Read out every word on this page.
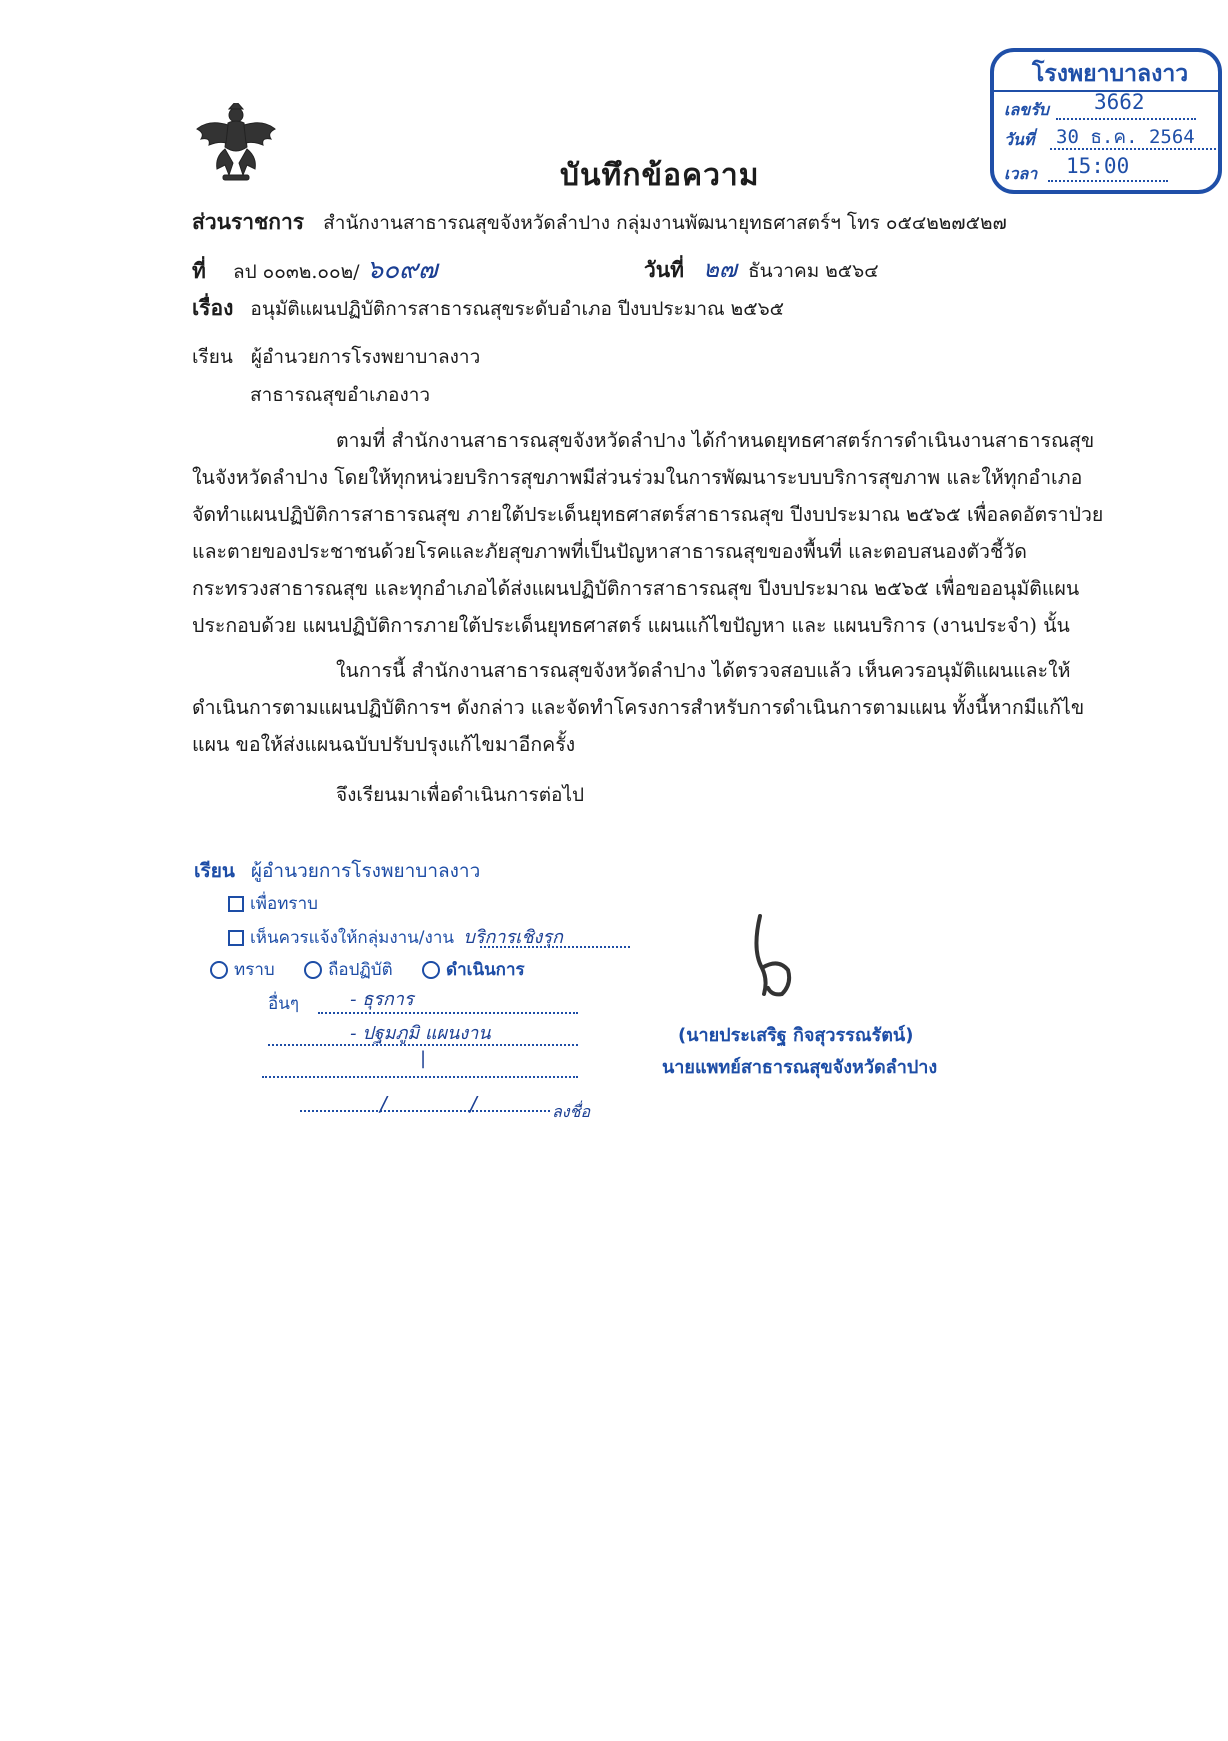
โรงพยาบาลงาว
เลขรับ 3662
วันที่ 30 ธ.ค. 2564
เวลา 15:00
บันทึกข้อความ
ส่วนราชการ สำนักงานสาธารณสุขจังหวัดลำปาง กลุ่มงานพัฒนายุทธศาสตร์ฯ โทร ๐๕๔๒๒๗๕๒๗
ที่ ลป ๐๐๓๒.๐๐๒/ ๖๐๙๗	วันที่ ๒๗ ธันวาคม ๒๕๖๔
เรื่อง อนุมัติแผนปฏิบัติการสาธารณสุขระดับอำเภอ ปีงบประมาณ ๒๕๖๕
เรียน ผู้อำนวยการโรงพยาบาลงาว
สาธารณสุขอำเภองาว
ตามที่ สำนักงานสาธารณสุขจังหวัดลำปาง ได้กำหนดยุทธศาสตร์การดำเนินงานสาธารณสุข
ในจังหวัดลำปาง โดยให้ทุกหน่วยบริการสุขภาพมีส่วนร่วมในการพัฒนาระบบบริการสุขภาพ และให้ทุกอำเภอ
จัดทำแผนปฏิบัติการสาธารณสุข ภายใต้ประเด็นยุทธศาสตร์สาธารณสุข ปีงบประมาณ ๒๕๖๕ เพื่อลดอัตราป่วย
และตายของประชาชนด้วยโรคและภัยสุขภาพที่เป็นปัญหาสาธารณสุขของพื้นที่ และตอบสนองตัวชี้วัด
กระทรวงสาธารณสุข และทุกอำเภอได้ส่งแผนปฏิบัติการสาธารณสุข ปีงบประมาณ ๒๕๖๕ เพื่อขออนุมัติแผน
ประกอบด้วย แผนปฏิบัติการภายใต้ประเด็นยุทธศาสตร์ แผนแก้ไขปัญหา และ แผนบริการ (งานประจำ) นั้น
ในการนี้ สำนักงานสาธารณสุขจังหวัดลำปาง ได้ตรวจสอบแล้ว เห็นควรอนุมัติแผนและให้
ดำเนินการตามแผนปฏิบัติการฯ ดังกล่าว และจัดทำโครงการสำหรับการดำเนินการตามแผน ทั้งนี้หากมีแก้ไข
แผน ขอให้ส่งแผนฉบับปรับปรุงแก้ไขมาอีกครั้ง
จึงเรียนมาเพื่อดำเนินการต่อไป
เรียน ผู้อำนวยการโรงพยาบาลงาว
เพื่อทราบ
เห็นควรแจ้งให้กลุ่มงาน/งาน บริการเชิงรุก
ทราบ	ถือปฏิบัติ	ดำเนินการ
อื่นๆ	- ธุรการ
- ปฐมภูมิ แผนงาน
|
/	/	ลงชื่อ
(นายประเสริฐ กิจสุวรรณรัตน์)
นายแพทย์สาธารณสุขจังหวัดลำปาง
